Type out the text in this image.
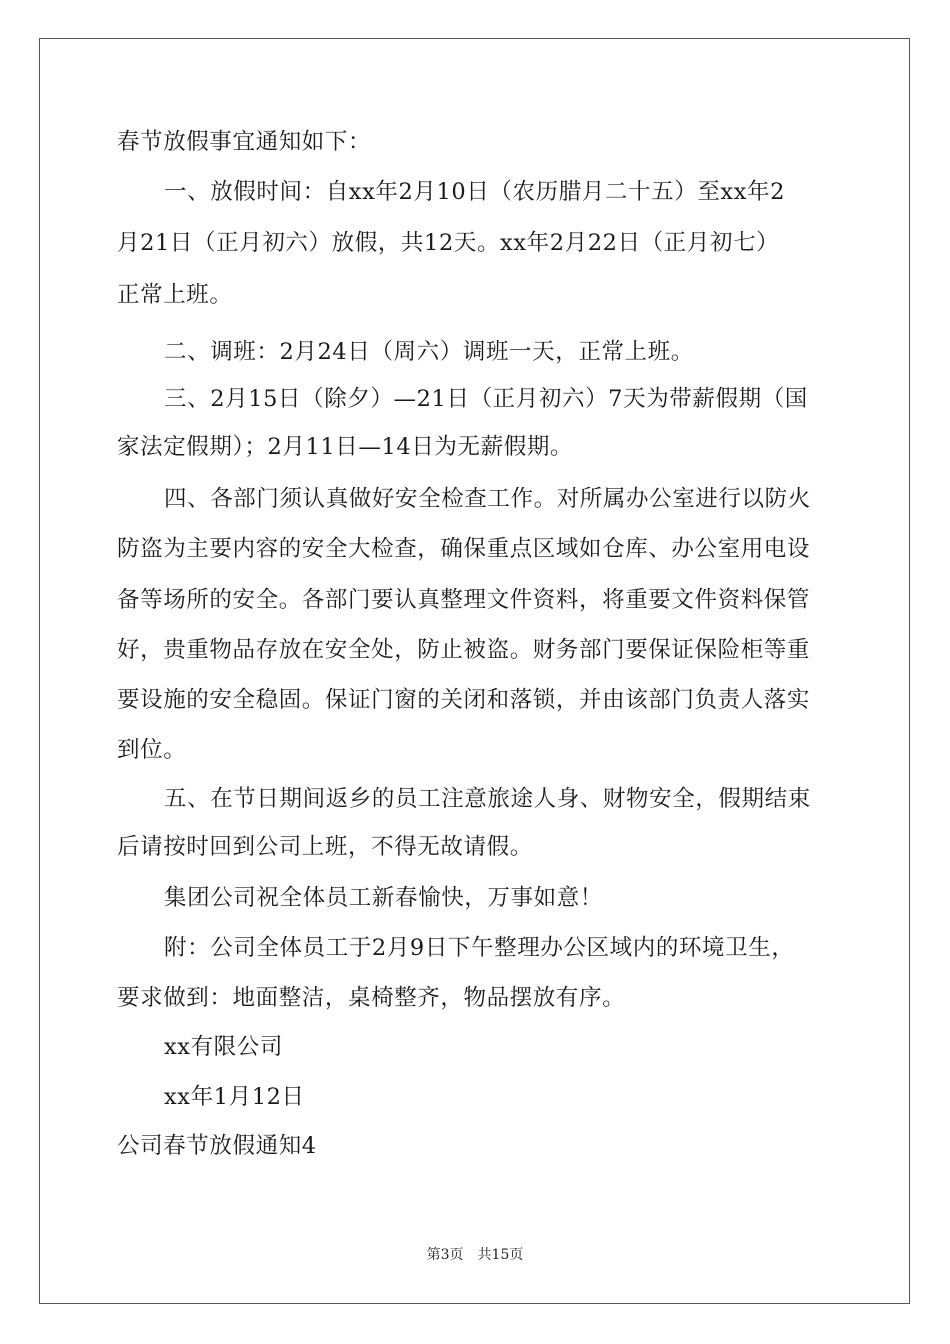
春节放假事宜通知如下：
一、放假时间：自xx年2月10日（农历腊月二十五）至xx年2
月21日（正月初六）放假，共12天。xx年2月22日（正月初七）
正常上班。
二、调班：2月24日（周六）调班一天，正常上班。
三、2月15日（除夕）—21日（正月初六）7天为带薪假期（国
家法定假期）；2月11日—14日为无薪假期。
四、各部门须认真做好安全检查工作。对所属办公室进行以防火
防盗为主要内容的安全大检查，确保重点区域如仓库、办公室用电设
备等场所的安全。各部门要认真整理文件资料，将重要文件资料保管
好，贵重物品存放在安全处，防止被盗。财务部门要保证保险柜等重
要设施的安全稳固。保证门窗的关闭和落锁，并由该部门负责人落实
到位。
五、在节日期间返乡的员工注意旅途人身、财物安全，假期结束
后请按时回到公司上班，不得无故请假。
集团公司祝全体员工新春愉快，万事如意！
附：公司全体员工于2月9日下午整理办公区域内的环境卫生，
要求做到：地面整洁，桌椅整齐，物品摆放有序。
xx有限公司
xx年1月12日
公司春节放假通知4
第3页 共15页
